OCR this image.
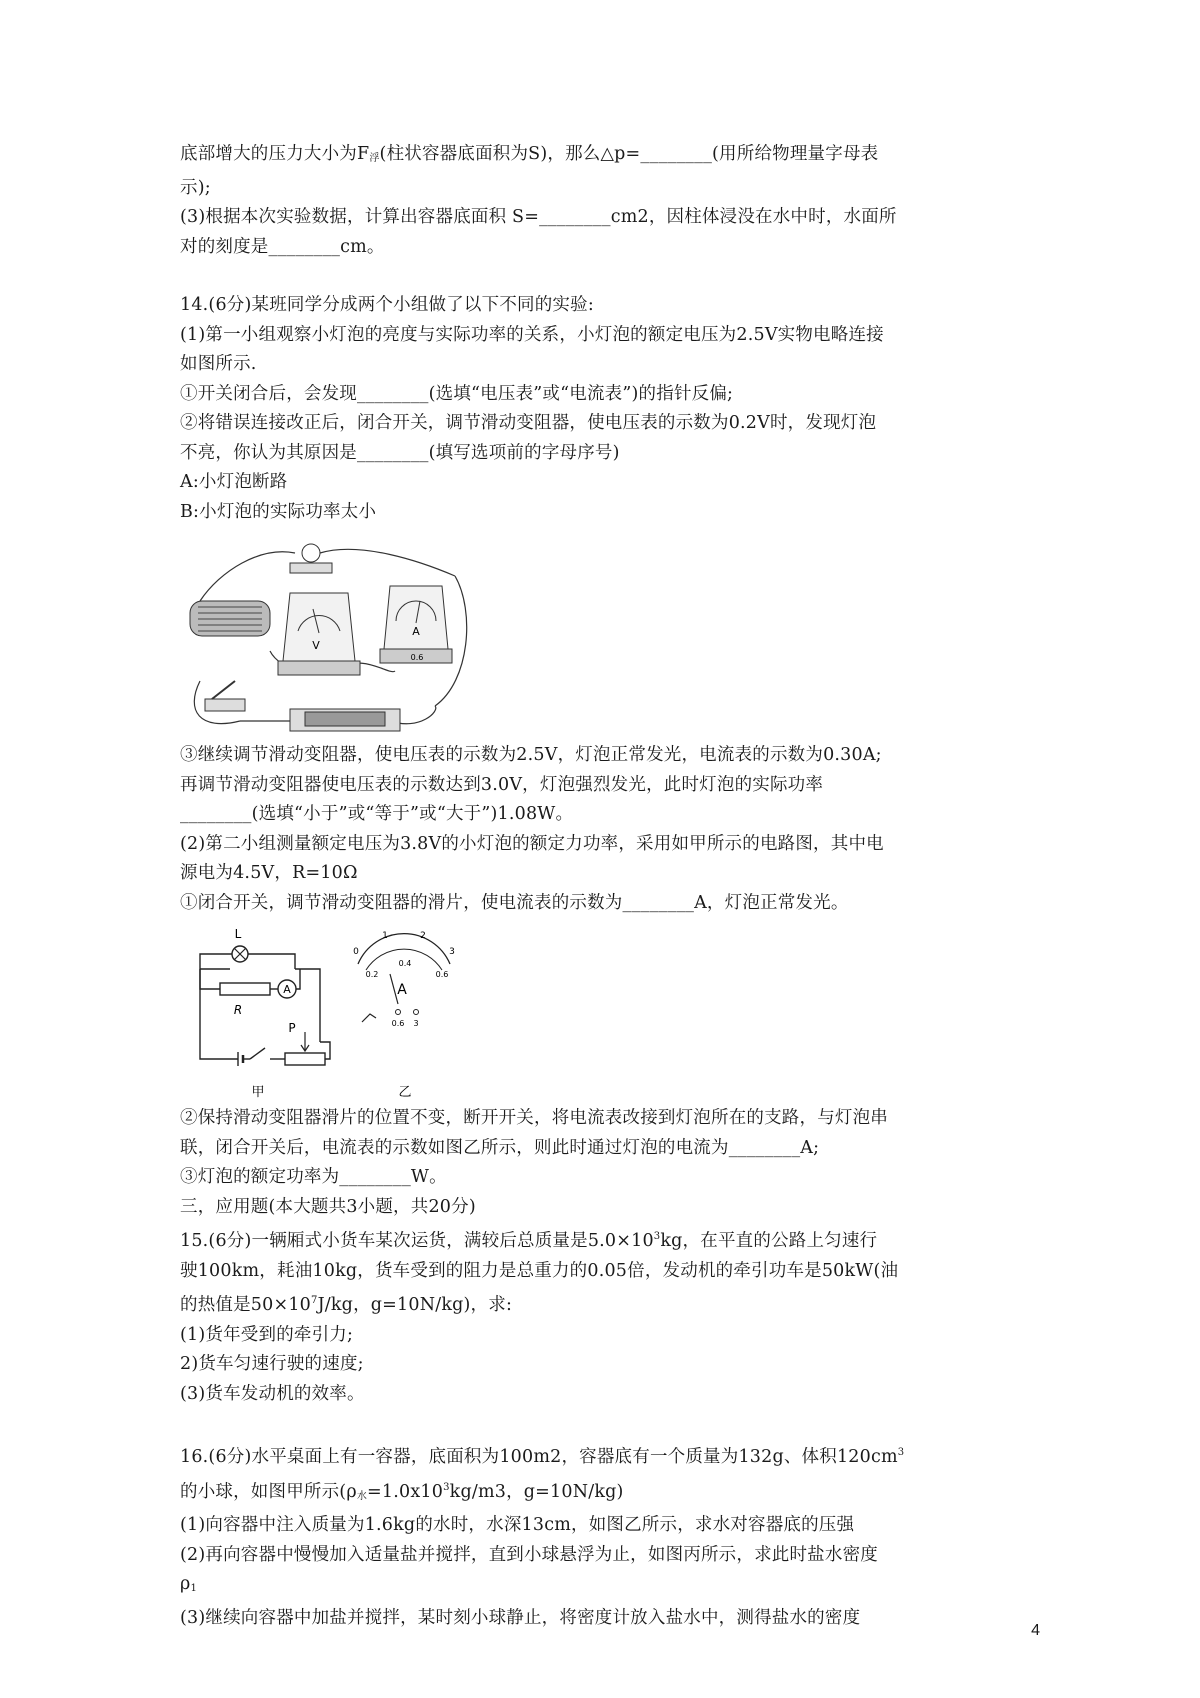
底部增大的压力大小为$F_浮$(柱状容器底面积为S)，那么△p=________(用所给物理量字母表
示);
(3)根据本次实验数据，计算出容器底面积 S=________cm2，因柱体浸没在水中时，水面所
对的刻度是________cm。
14.(6分)某班同学分成两个小组做了以下不同的实验:
(1)第一小组观察小灯泡的亮度与实际功率的关系，小灯泡的额定电压为2.5V实物电略连接
如图所示.
①开关闭合后，会发现________(选填“电压表”或“电流表”)的指针反偏;
②将错误连接改正后，闭合开关，调节滑动变阻器，使电压表的示数为0.2V时，发现灯泡
不亮，你认为其原因是________(填写选项前的字母序号)
A:小灯泡断路
B:小灯泡的实际功率太小
V
A
0.6
③继续调节滑动变阻器，使电压表的示数为2.5V，灯泡正常发光，电流表的示数为0.30A;
再调节滑动变阻器使电压表的示数达到3.0V，灯泡强烈发光，此时灯泡的实际功率
________(选填“小于”或“等于”或“大于”)1.08W。
(2)第二小组测量额定电压为3.8V的小灯泡的额定力功率，采用如甲所示的电路图，其中电
源电为4.5V，R=10Ω
①闭合开关，调节滑动变阻器的滑片，使电流表的示数为________A，灯泡正常发光。
L
R
A
P
0
1	2
3
0.2
0.4
0.6
A
0.6 3
甲	乙
②保持滑动变阻器滑片的位置不变，断开开关，将电流表改接到灯泡所在的支路，与灯泡串
联，闭合开关后，电流表的示数如图乙所示，则此时通过灯泡的电流为________A;
③灯泡的额定功率为________W。
三，应用题(本大题共3小题，共20分)
15.(6分)一辆厢式小货车某次运货，满较后总质量是$5.0\times 10^3kg$，在平直的公路上匀速行
驶100km，耗油10kg，货车受到的阻力是总重力的0.05倍，发动机的牵引功车是50kW(油
的热值是$50\times 10^7J/kg$，g=10N/kg)，求:
(1)货年受到的牵引力;
2)货车匀速行驶的速度;
(3)货车发动机的效率。
16.(6分)水平桌面上有一容器，底面积为100m2，容器底有一个质量为132g、体积$120cm^3$
的小球，如图甲所示($\rho_水=1.0x10^3kg/m3$，g=10N/kg)
(1)向容器中注入质量为1.6kg的水时，水深13cm，如图乙所示，求水对容器底的压强
(2)再向容器中慢慢加入适量盐并搅拌，直到小球悬浮为止，如图丙所示，求此时盐水密度
$\rho_1$
(3)继续向容器中加盐并搅拌，某时刻小球静止，将密度计放入盐水中，测得盐水的密度
4
